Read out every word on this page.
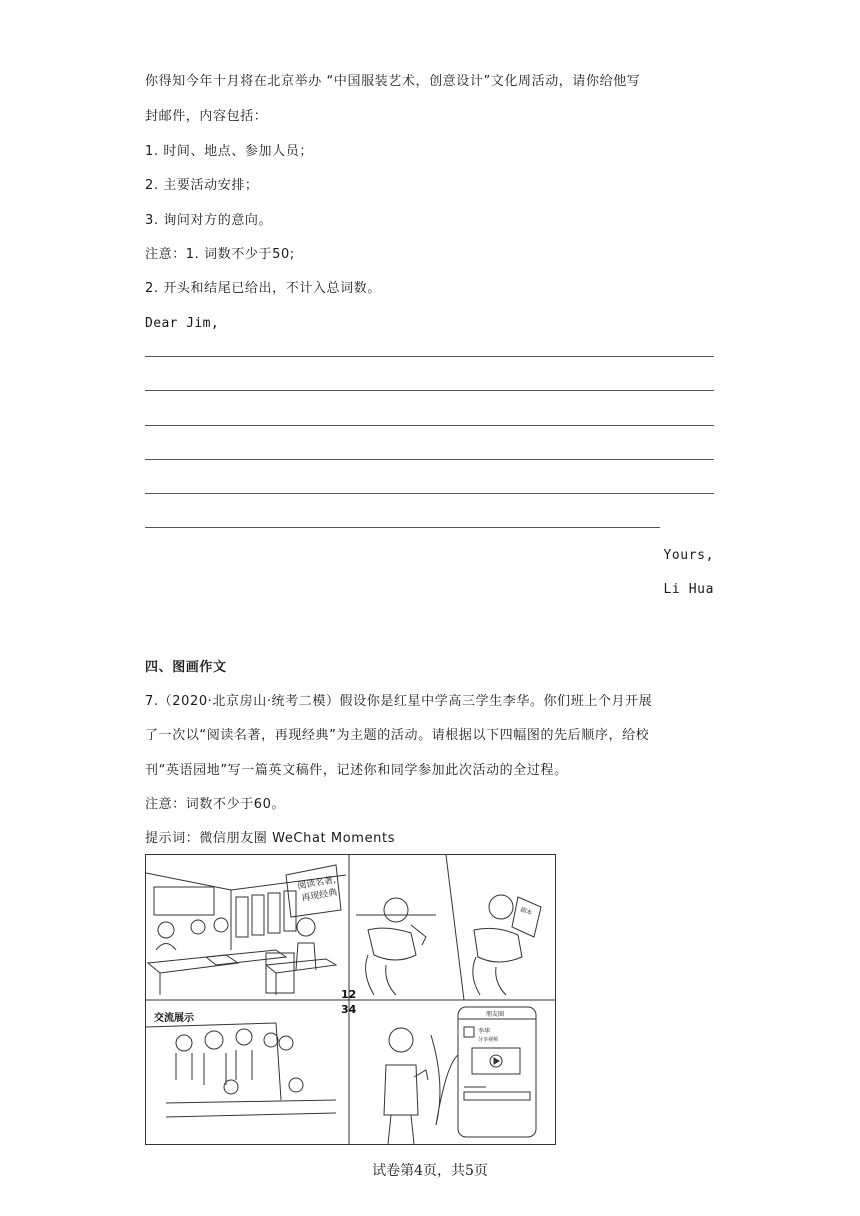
你得知今年十月将在北京举办 “中国服装艺术，创意设计”文化周活动，请你给他写
封邮件，内容包括：
1. 时间、地点、参加人员；
2. 主要活动安排；
3. 询问对方的意向。
注意：1. 词数不少于50;
2. 开头和结尾已给出，不计入总词数。
Dear Jim,
Yours,
Li Hua
四、图画作文
7.（2020·北京房山·统考二模）假设你是红星中学高三学生李华。你们班上个月开展
了一次以“阅读名著，再现经典”为主题的活动。请根据以下四幅图的先后顺序，给校
刊“英语园地”写一篇英文稿件，记述你和同学参加此次活动的全过程。
注意：词数不少于60。
提示词：微信朋友圈 WeChat Moments
阅读名著,
再现经典
剧本
12
34
交流展示	朋友圈
李华
分享视频
试卷第4页，共5页
